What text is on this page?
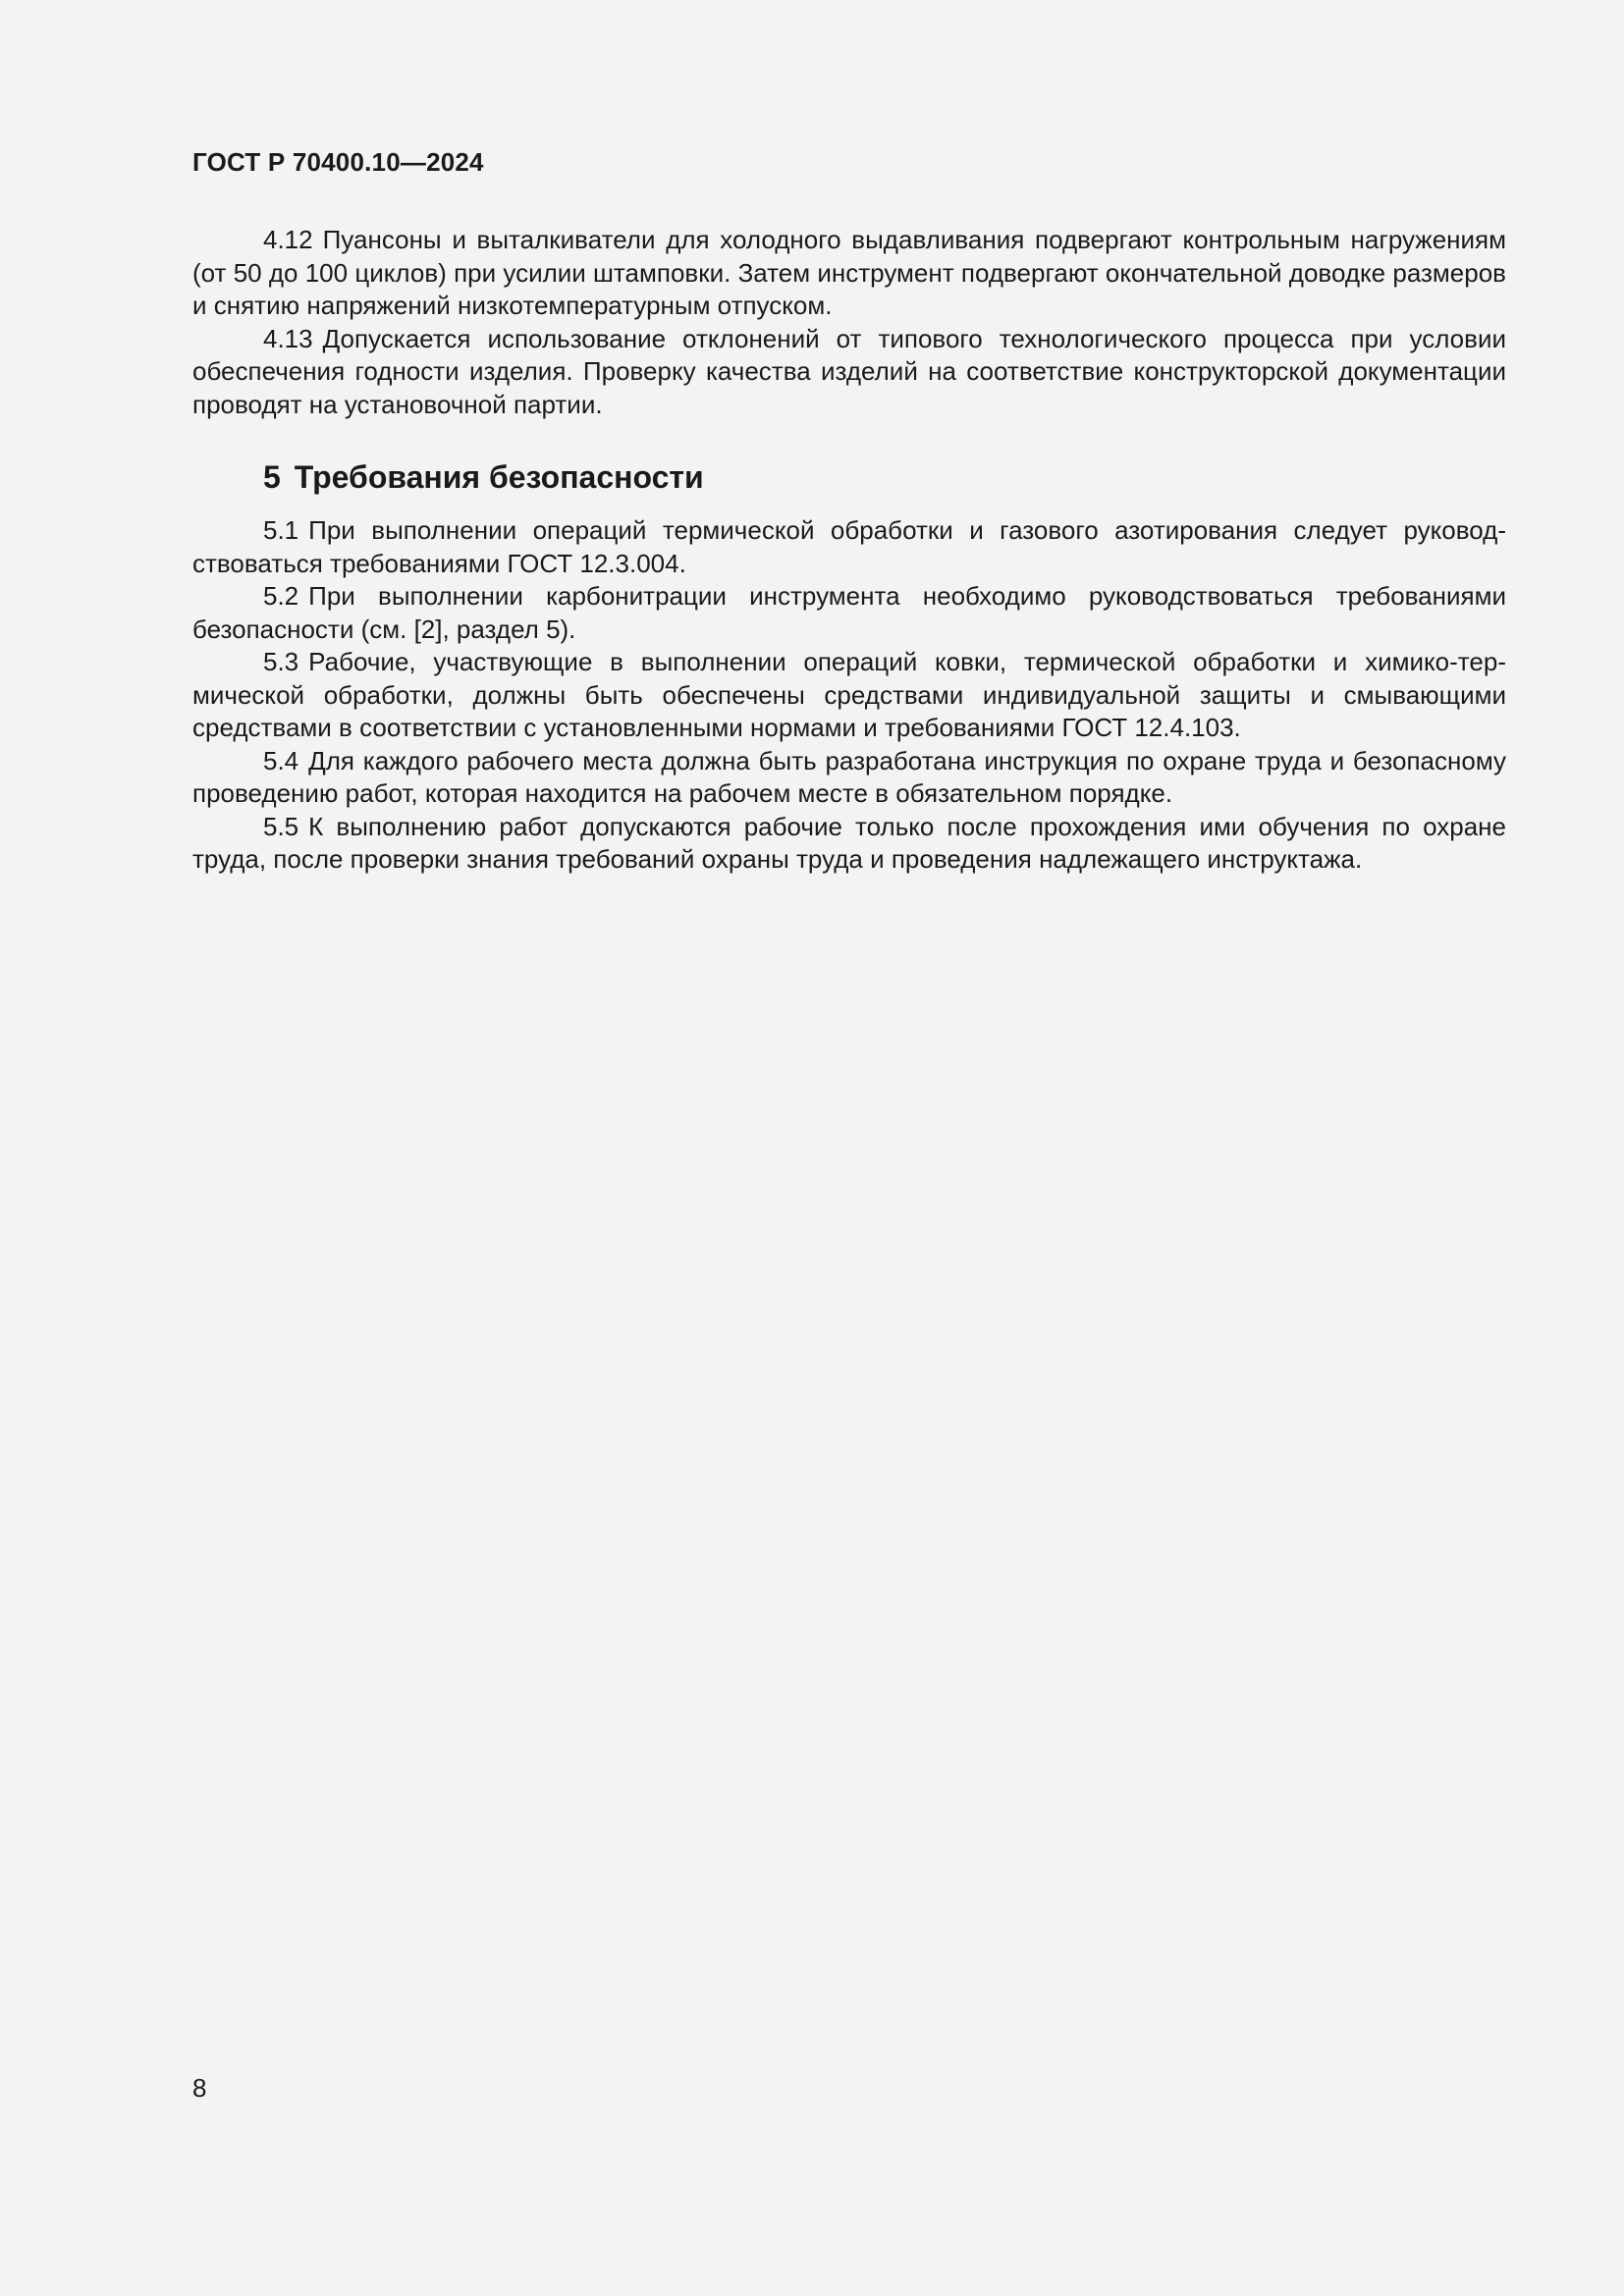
ГОСТ Р 70400.10—2024

4.12 Пуансоны и выталкиватели для холодного выдавливания подвергают контрольным нагружениям (от 50 до 100 циклов) при усилии штамповки. Затем инструмент подвергают окончательной доводке размеров и снятию напряжений низкотемпературным отпуском.

4.13 Допускается использование отклонений от типового технологического процесса при условии обеспечения годности изделия. Проверку качества изделий на соответствие конструкторской документации проводят на установочной партии.

5 Требования безопасности

5.1 При выполнении операций термической обработки и газового азотирования следует руководствоваться требованиями ГОСТ 12.3.004.

5.2 При выполнении карбонитрации инструмента необходимо руководствоваться требованиями безопасности (см. [2], раздел 5).

5.3 Рабочие, участвующие в выполнении операций ковки, термической обработки и химико-термической обработки, должны быть обеспечены средствами индивидуальной защиты и смывающими средствами в соответствии с установленными нормами и требованиями ГОСТ 12.4.103.

5.4 Для каждого рабочего места должна быть разработана инструкция по охране труда и безопасному проведению работ, которая находится на рабочем месте в обязательном порядке.

5.5 К выполнению работ допускаются рабочие только после прохождения ими обучения по охране труда, после проверки знания требований охраны труда и проведения надлежащего инструктажа.

8
